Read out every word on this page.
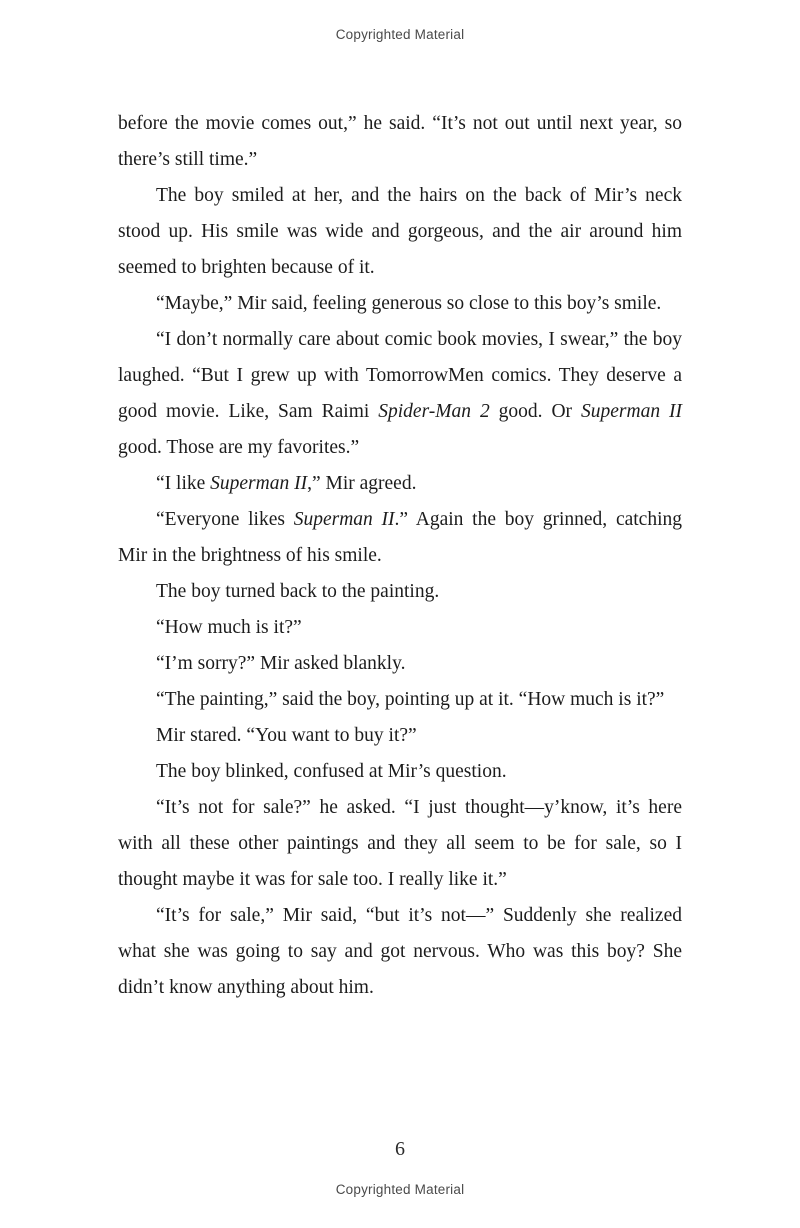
Copyrighted Material

before the movie comes out,” he said. “It’s not out until next year, so there’s still time.”

The boy smiled at her, and the hairs on the back of Mir’s neck stood up. His smile was wide and gorgeous, and the air around him seemed to brighten because of it.

“Maybe,” Mir said, feeling generous so close to this boy’s smile.

“I don’t normally care about comic book movies, I swear,” the boy laughed. “But I grew up with TomorrowMen comics. They deserve a good movie. Like, Sam Raimi Spider-Man 2 good. Or Superman II good. Those are my favorites.”

“I like Superman II,” Mir agreed.

“Everyone likes Superman II.” Again the boy grinned, catching Mir in the brightness of his smile.

The boy turned back to the painting.

“How much is it?”

“I’m sorry?” Mir asked blankly.

“The painting,” said the boy, pointing up at it. “How much is it?”

Mir stared. “You want to buy it?”

The boy blinked, confused at Mir’s question.

“It’s not for sale?” he asked. “I just thought—y’know, it’s here with all these other paintings and they all seem to be for sale, so I thought maybe it was for sale too. I really like it.”

“It’s for sale,” Mir said, “but it’s not—” Suddenly she realized what she was going to say and got nervous. Who was this boy? She didn’t know anything about him.

6
Copyrighted Material
